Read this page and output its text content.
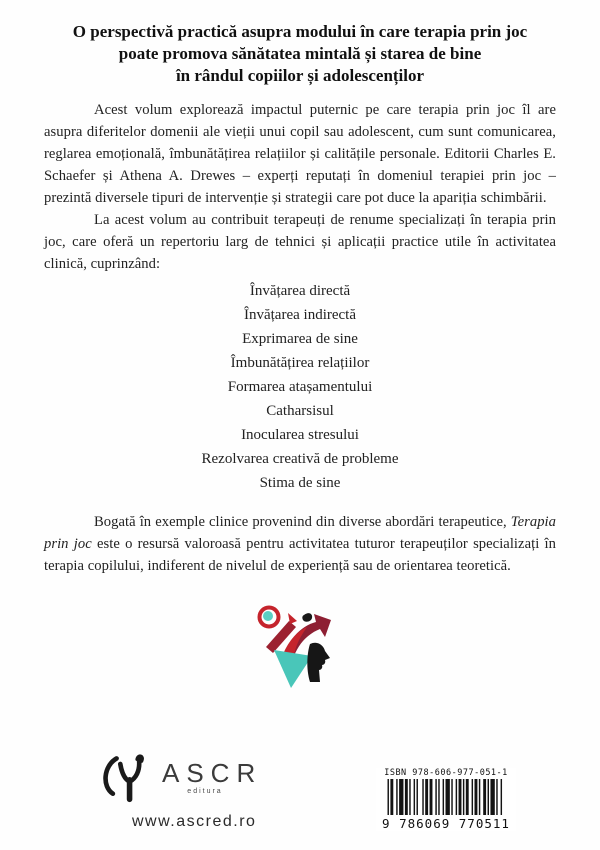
O perspectivă practică asupra modului în care terapia prin joc
poate promova sănătatea mintală și starea de bine
în rândul copiilor și adolescenților

Acest volum explorează impactul puternic pe care terapia prin joc îl are asupra diferitelor domenii ale vieții unui copil sau adolescent, cum sunt comunicarea, reglarea emoțională, îmbunătățirea relațiilor și calitățile personale. Editorii Charles E. Schaefer și Athena A. Drewes – experți reputați în domeniul terapiei prin joc – prezintă diversele tipuri de intervenție și strategii care pot duce la apariția schimbării.

La acest volum au contribuit terapeuți de renume specializați în terapia prin joc, care oferă un repertoriu larg de tehnici și aplicații practice utile în activitatea clinică, cuprinzând:

Învățarea directă
Învățarea indirectă
Exprimarea de sine
Îmbunătățirea relațiilor
Formarea atașamentului
Catharsisul
Inocularea stresului
Rezolvarea creativă de probleme
Stima de sine

Bogată în exemple clinice provenind din diverse abordări terapeutice, Terapia prin joc este o resursă valoroasă pentru activitatea tuturor terapeuților specializați în terapia copilului, indiferent de nivelul de experiență sau de orientarea teoretică.

ASCR
editura
www.ascred.ro
ISBN 978-606-977-051-1
9 786069 770511
